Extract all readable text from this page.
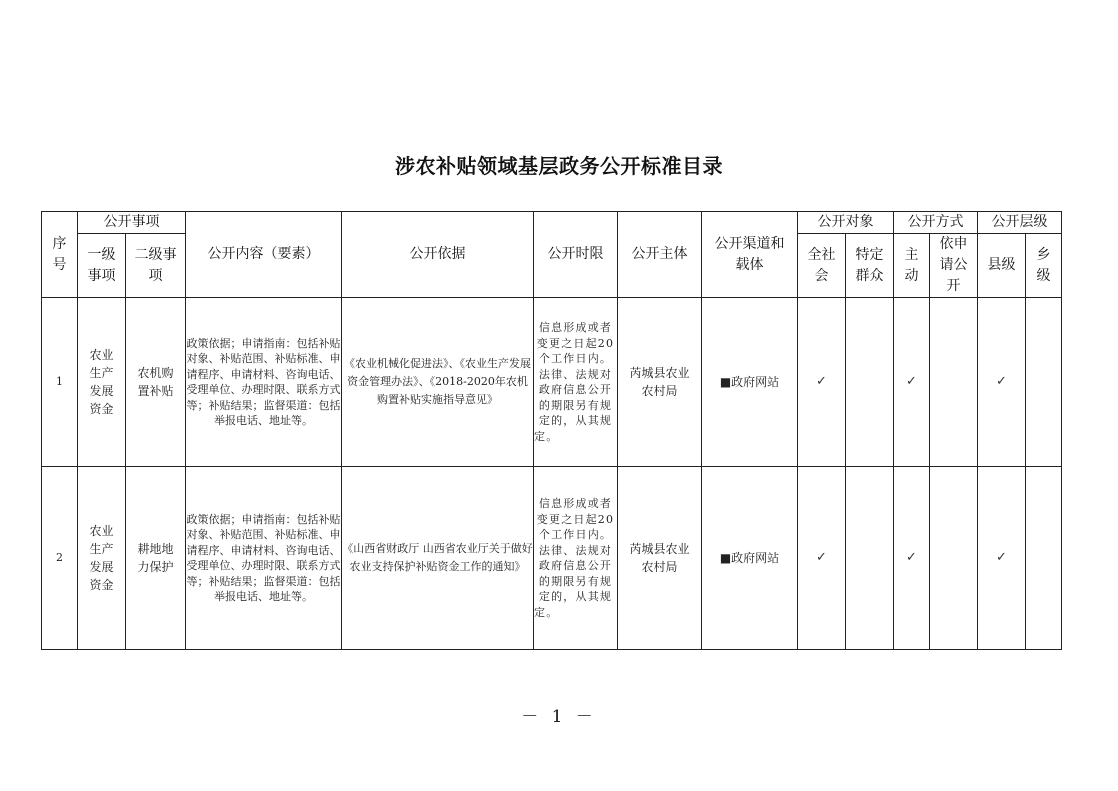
涉农补贴领域基层政务公开标准目录
序号	公开事项		公开内容（要素）	公开依据	公开时限	公开主体	公开渠道和载体	公开对象		公开方式		公开层级	
	一级事项	二级事项						全社会	特定群众	主动	依申请公开	县级	乡级
1	农业生产发展资金	农机购置补贴	政策依据；申请指南：包括补贴对象、补贴范围、补贴标准、申请程序、申请材料、咨询电话、受理单位、办理时限、联系方式等；补贴结果；监督渠道：包括举报电话、地址等。	《农业机械化促进法》、《农业生产发展资金管理办法》、《2018-2020年农机购置补贴实施指导意见》	信息形成或者变更之日起20个工作日内。法律、法规对政府信息公开的期限另有规定的，从其规定。	芮城县农业农村局	■政府网站	✓		✓		✓	
2	农业生产发展资金	耕地地力保护	政策依据；申请指南：包括补贴对象、补贴范围、补贴标准、申请程序、申请材料、咨询电话、受理单位、办理时限、联系方式等；补贴结果；监督渠道：包括举报电话、地址等。	《山西省财政厅 山西省农业厅关于做好农业支持保护补贴资金工作的通知》	信息形成或者变更之日起20个工作日内。法律、法规对政府信息公开的期限另有规定的，从其规定。	芮城县农业农村局	■政府网站	✓		✓		✓	
－ 1 －
